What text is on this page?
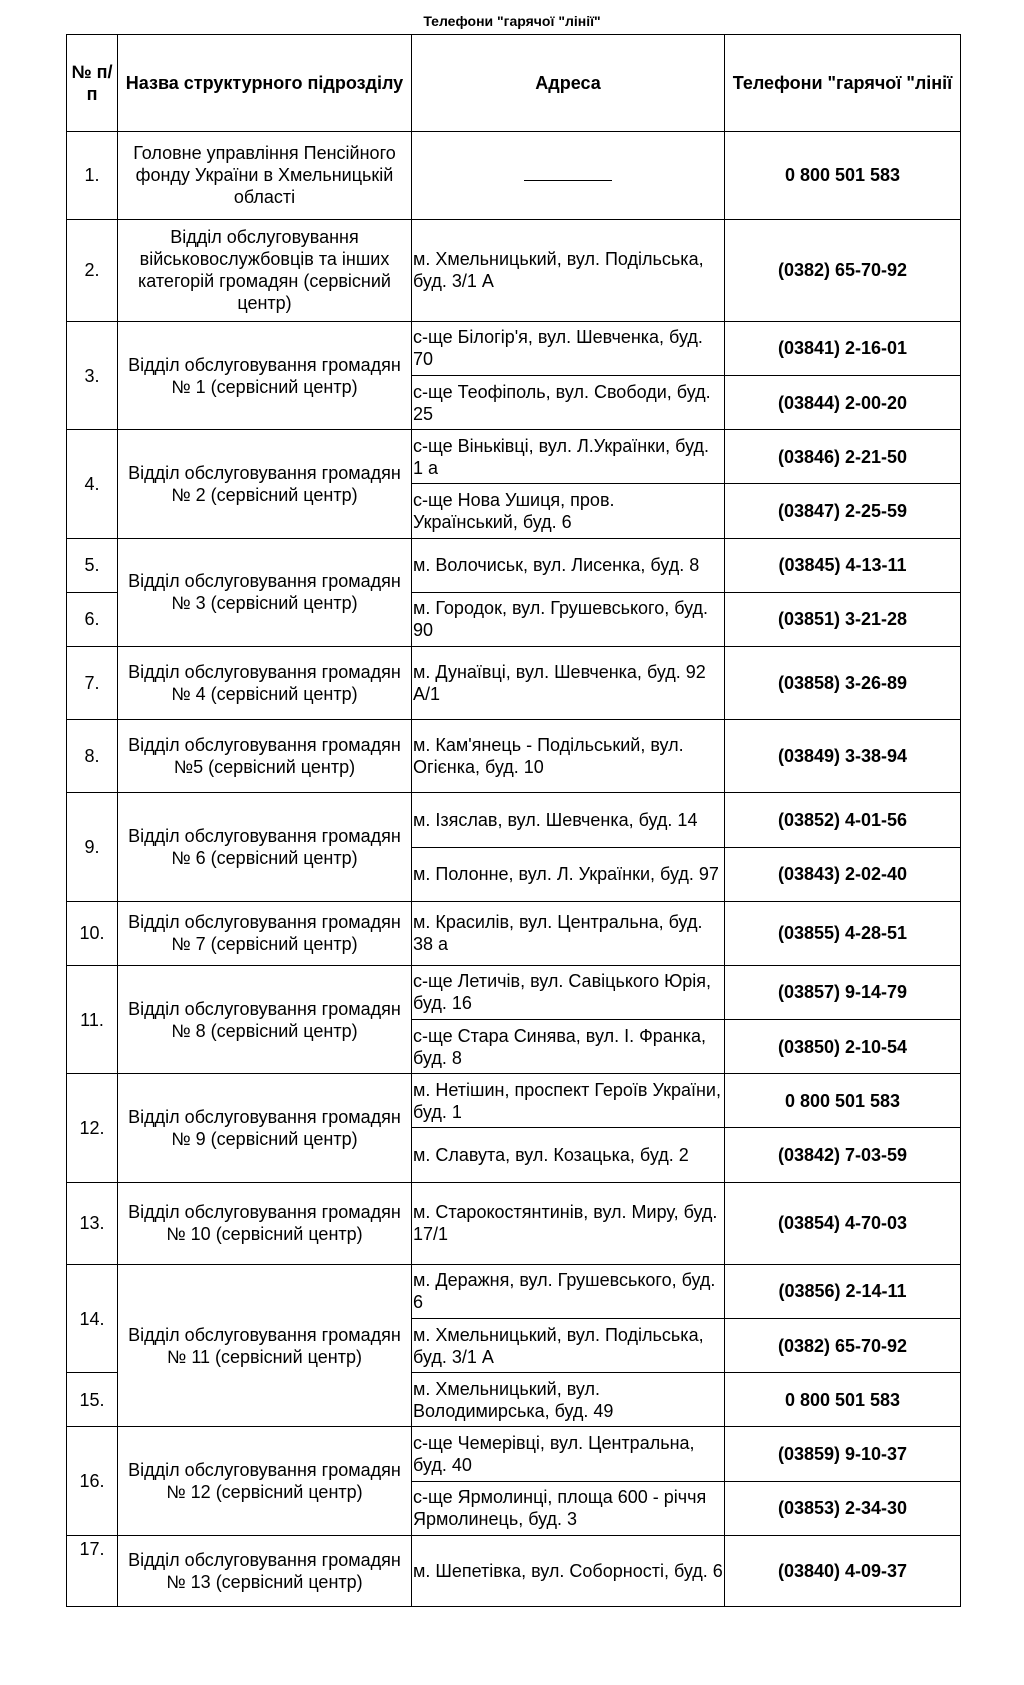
Телефони "гарячої "лінії"
№ п/п	Назва структурного підрозділу	Адреса	Телефони "гарячої "лінії
1.	Головне управління Пенсійного фонду України в Хмельницькій області		0 800 501 583
2.	Відділ обслуговування військовослужбовців та інших категорій громадян (сервісний центр)	м. Хмельницький, вул. Подільська, буд. 3/1 А	(0382) 65-70-92
3.	Відділ обслуговування громадян № 1 (сервісний центр)	с-ще Білогір'я, вул. Шевченка, буд. 70	(03841) 2-16-01
		с-ще Теофіполь, вул. Свободи, буд. 25	(03844) 2-00-20
4.	Відділ обслуговування громадян № 2 (сервісний центр)	с-ще Віньківці, вул. Л.Українки, буд. 1 а	(03846) 2-21-50
		с-ще Нова Ушиця, пров. Український, буд. 6	(03847) 2-25-59
5.	Відділ обслуговування громадян № 3 (сервісний центр)	м. Волочиськ, вул. Лисенка, буд. 8	(03845) 4-13-11
6.		м. Городок, вул. Грушевського, буд. 90	(03851) 3-21-28
7.	Відділ обслуговування громадян № 4 (сервісний центр)	м. Дунаївці, вул. Шевченка, буд. 92 А/1	(03858) 3-26-89
8.	Відділ обслуговування громадян №5 (сервісний центр)	м. Кам'янець - Подільський, вул. Огієнка, буд. 10	(03849) 3-38-94
9.	Відділ обслуговування громадян № 6 (сервісний центр)	м. Ізяслав, вул. Шевченка, буд. 14	(03852) 4-01-56
		м. Полонне, вул. Л. Українки, буд. 97	(03843) 2-02-40
10.	Відділ обслуговування громадян № 7 (сервісний центр)	м. Красилів, вул. Центральна, буд. 38 а	(03855) 4-28-51
11.	Відділ обслуговування громадян № 8 (сервісний центр)	с-ще Летичів, вул. Савіцького Юрія, буд. 16	(03857) 9-14-79
		с-ще Стара Синява, вул. І. Франка, буд. 8	(03850) 2-10-54
12.	Відділ обслуговування громадян № 9 (сервісний центр)	м. Нетішин, проспект Героїв України, буд. 1	0 800 501 583
		м. Славута, вул. Козацька, буд. 2	(03842) 7-03-59
13.	Відділ обслуговування громадян № 10 (сервісний центр)	м. Старокостянтинів, вул. Миру, буд. 17/1	(03854) 4-70-03
14.	Відділ обслуговування громадян № 11 (сервісний центр)	м. Деражня, вул. Грушевського, буд. 6	(03856) 2-14-11
		м. Хмельницький, вул. Подільська, буд. 3/1 А	(0382) 65-70-92
15.		м. Хмельницький, вул. Володимирська, буд. 49	0 800 501 583
16.	Відділ обслуговування громадян № 12 (сервісний центр)	с-ще Чемерівці, вул. Центральна, буд. 40	(03859) 9-10-37
		с-ще Ярмолинці, площа 600 - річчя Ярмолинець, буд. 3	(03853) 2-34-30
17.	Відділ обслуговування громадян № 13 (сервісний центр)	м. Шепетівка, вул. Соборності, буд. 6	(03840) 4-09-37
